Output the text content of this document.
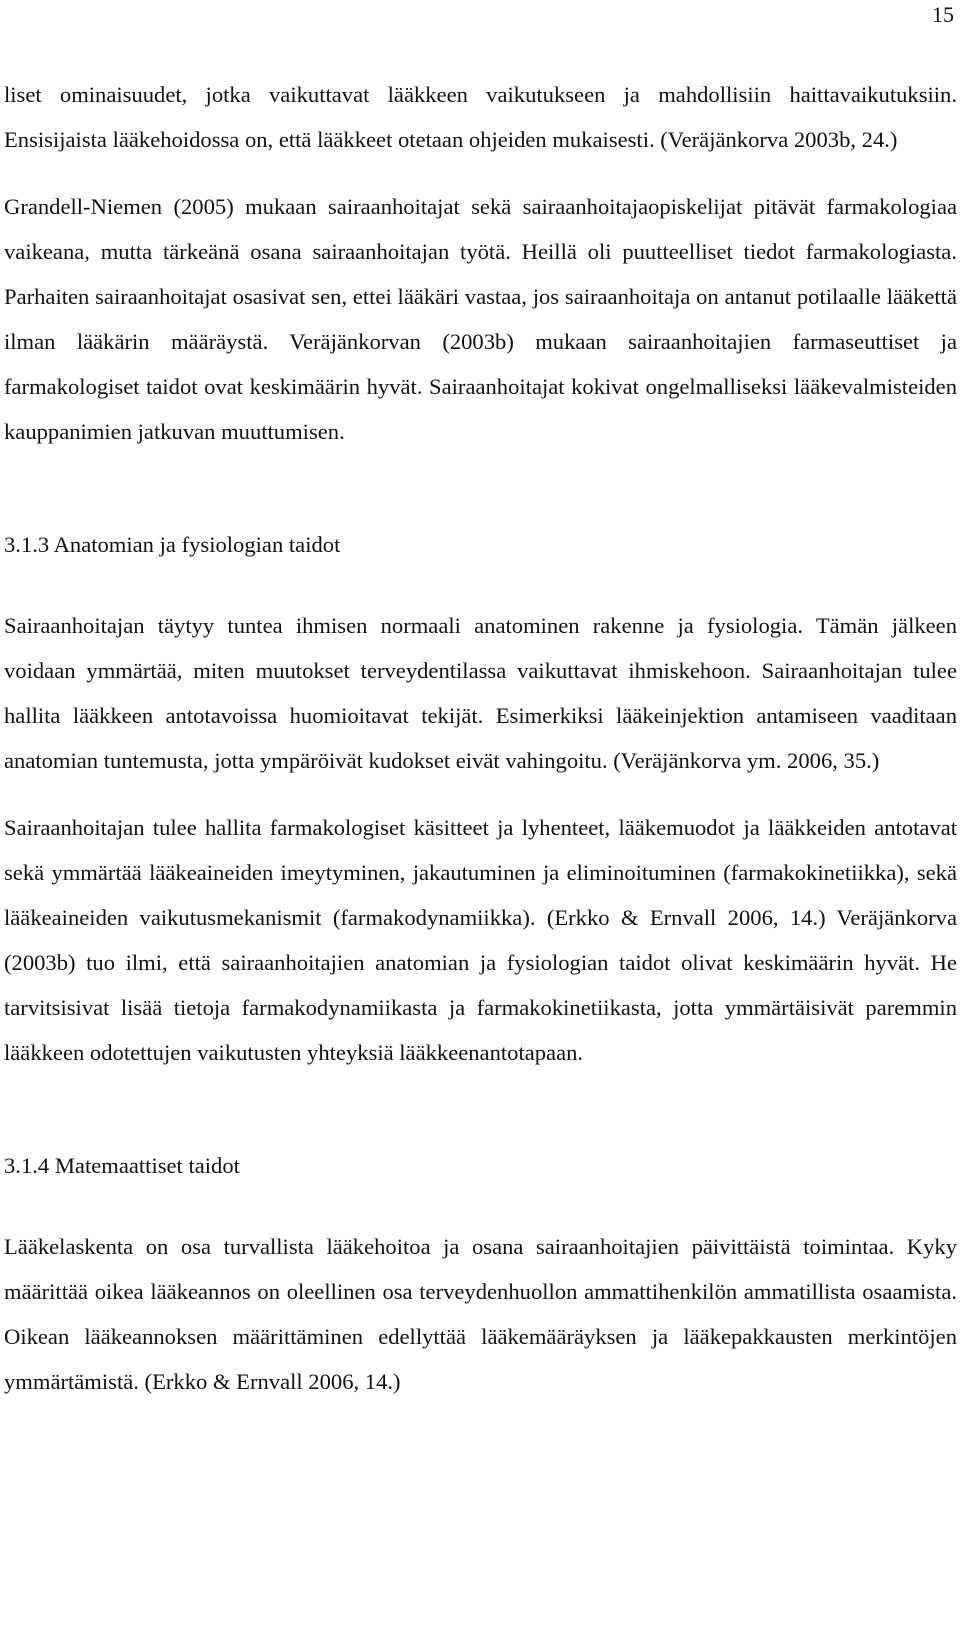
15

liset ominaisuudet, jotka vaikuttavat lääkkeen vaikutukseen ja mahdollisiin haittavaikutuksiin. Ensisijaista lääkehoidossa on, että lääkkeet otetaan ohjeiden mukaisesti. (Veräjänkorva 2003b, 24.)

Grandell-Niemen (2005) mukaan sairaanhoitajat sekä sairaanhoitajaopiskelijat pitävät farmakologiaa vaikeana, mutta tärkeänä osana sairaanhoitajan työtä. Heillä oli puutteelliset tiedot farmakologiasta. Parhaiten sairaanhoitajat osasivat sen, ettei lääkäri vastaa, jos sairaanhoitaja on antanut potilaalle lääkettä ilman lääkärin määräystä. Veräjänkorvan (2003b) mukaan sairaanhoitajien farmaseuttiset ja farmakologiset taidot ovat keskimäärin hyvät. Sairaanhoitajat kokivat ongelmalliseksi lääkevalmisteiden kauppanimien jatkuvan muuttumisen.

3.1.3 Anatomian ja fysiologian taidot

Sairaanhoitajan täytyy tuntea ihmisen normaali anatominen rakenne ja fysiologia. Tämän jälkeen voidaan ymmärtää, miten muutokset terveydentilassa vaikuttavat ihmiskehoon. Sairaanhoitajan tulee hallita lääkkeen antotavoissa huomioitavat tekijät. Esimerkiksi lääkeinjektion antamiseen vaaditaan anatomian tuntemusta, jotta ympäröivät kudokset eivät vahingoitu. (Veräjänkorva ym. 2006, 35.)

Sairaanhoitajan tulee hallita farmakologiset käsitteet ja lyhenteet, lääkemuodot ja lääkkeiden antotavat sekä ymmärtää lääkeaineiden imeytyminen, jakautuminen ja eliminoituminen (farmakokinetiikka), sekä lääkeaineiden vaikutusmekanismit (farmakodynamiikka). (Erkko & Ernvall 2006, 14.) Veräjänkorva (2003b) tuo ilmi, että sairaanhoitajien anatomian ja fysiologian taidot olivat keskimäärin hyvät. He tarvitsisivat lisää tietoja farmakodynamiikasta ja farmakokinetiikasta, jotta ymmärtäisivät paremmin lääkkeen odotettujen vaikutusten yhteyksiä lääkkeenantotapaan.

3.1.4 Matemaattiset taidot

Lääkelaskenta on osa turvallista lääkehoitoa ja osana sairaanhoitajien päivittäistä toimintaa. Kyky määrittää oikea lääkeannos on oleellinen osa terveydenhuollon ammattihenkilön ammatillista osaamista. Oikean lääkeannoksen määrittäminen edellyttää lääkemääräyksen ja lääkepakkausten merkintöjen ymmärtämistä. (Erkko & Ernvall 2006, 14.)
